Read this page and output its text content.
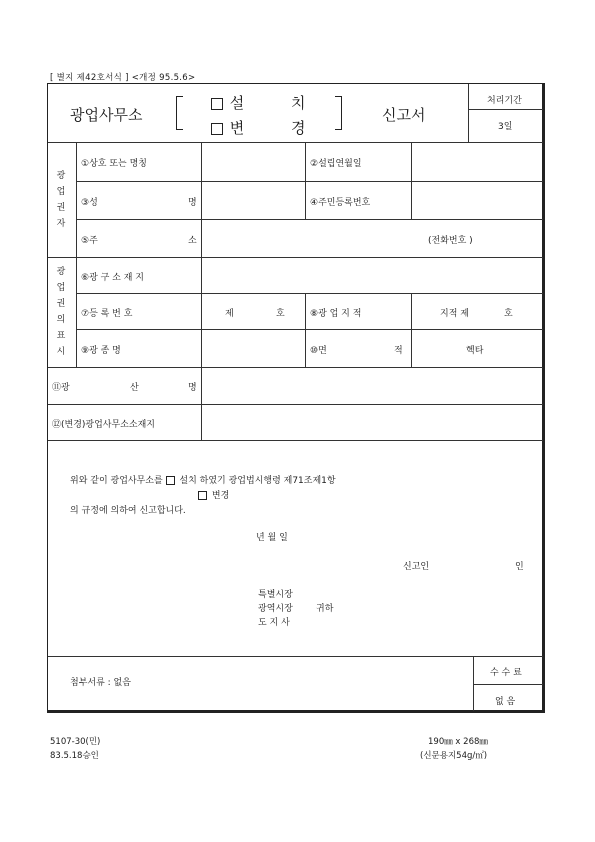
[ 별지 제42호서식 ] <개정 95.5.6>
광업사무소
설	치
변	경
신고서
처리기간
3일
광
업
권
자
광
업
권
의
표
시
①상호 또는 명칭	②설립연월일
③성	명	④주민등록번호
⑤주	소	(전화번호 )
⑥광 구 소 재 지
⑦등 록 번 호	제	호	⑧광 업 지 적	지적 제	호
⑨광 종 명	⑩면	적	헥타
⑪광	산	명
⑫(변경)광업사무소소재지
위와 같이 광업사무소를 설치 하였기 광업법시행령 제71조제1항
변경
의 규정에 의하여 신고합니다.
년 월 일
신고인	인
특별시장
광역시장	귀하
도 지 사
첨부서류 : 없음
수 수 료
없 음
5107-30(민)
83.5.18승인
190㎜ x 268㎜
(신문용지54g/㎡)
